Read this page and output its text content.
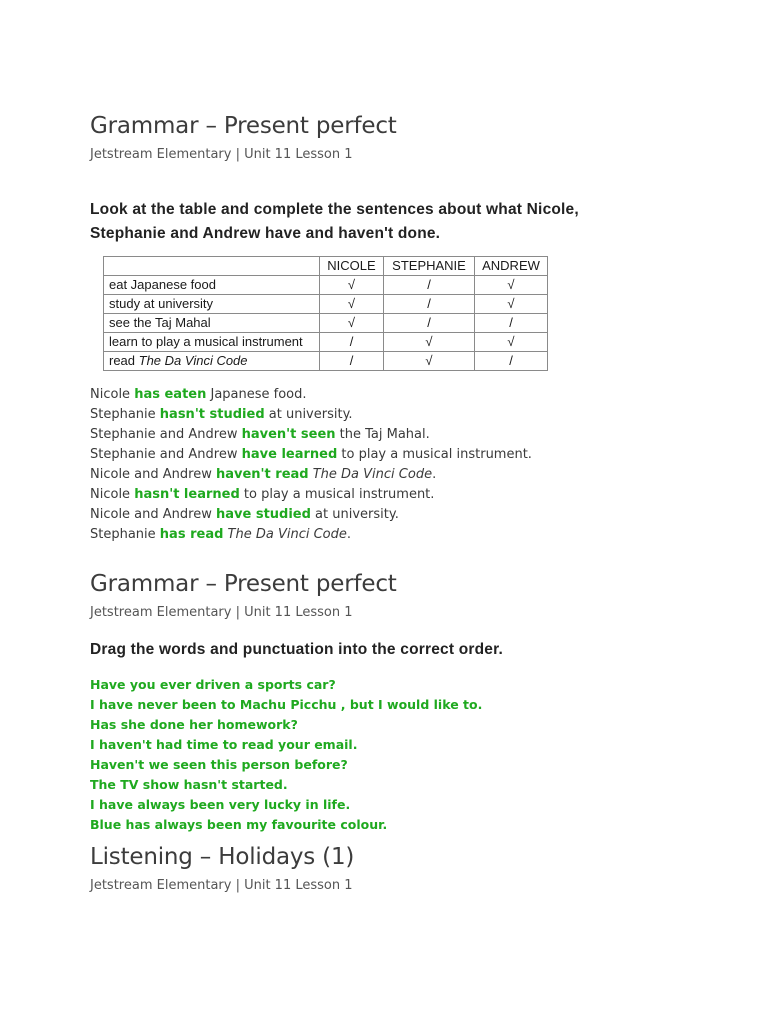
Grammar – Present perfect

Jetstream Elementary | Unit 11 Lesson 1

Look at the table and complete the sentences about what Nicole,
Stephanie and Andrew have and haven't done.

	NICOLE	STEPHANIE	ANDREW
eat Japanese food	√	/	√
study at university	√	/	√
see the Taj Mahal	√	/	/
learn to play a musical instrument	/	√	√
read The Da Vinci Code	/	√	/
Nicole has eaten Japanese food.
Stephanie hasn't studied at university.
Stephanie and Andrew haven't seen the Taj Mahal.
Stephanie and Andrew have learned to play a musical instrument.
Nicole and Andrew haven't read The Da Vinci Code.
Nicole hasn't learned to play a musical instrument.
Nicole and Andrew have studied at university.
Stephanie has read The Da Vinci Code.
Grammar – Present perfect

Jetstream Elementary | Unit 11 Lesson 1

Drag the words and punctuation into the correct order.

Have you ever driven a sports car?
I have never been to Machu Picchu , but I would like to.
Has she done her homework?
I haven't had time to read your email.
Haven't we seen this person before?
The TV show hasn't started.
I have always been very lucky in life.
Blue has always been my favourite colour.
Listening – Holidays (1)

Jetstream Elementary | Unit 11 Lesson 1
